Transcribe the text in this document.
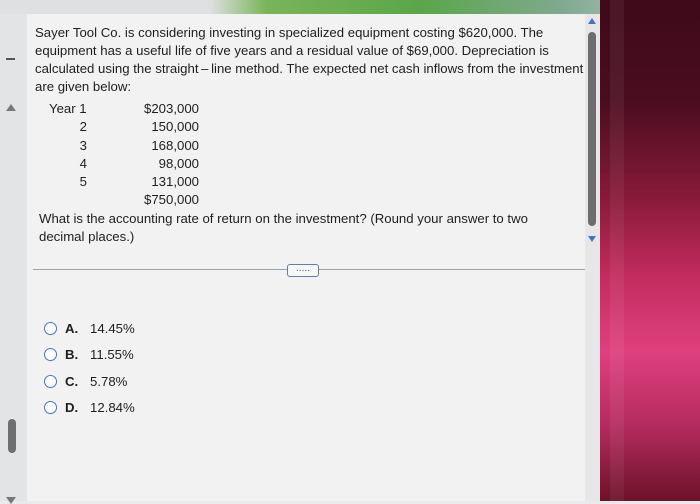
Sayer Tool Co. is considering investing in specialized equipment costing $620,000. The

equipment has a useful life of five years and a residual value of $69,000. Depreciation is

calculated using the straight – line method. The expected net cash inflows from the investment

are given below:

Year 1	$203,000
2	150,000
3	168,000
4	98,000
5	131,000
$750,000
What is the accounting rate of return on the investment? (Round your answer to two
decimal places.)
.....
A. 14.45%
B. 11.55%
C. 5.78%
D. 12.84%
